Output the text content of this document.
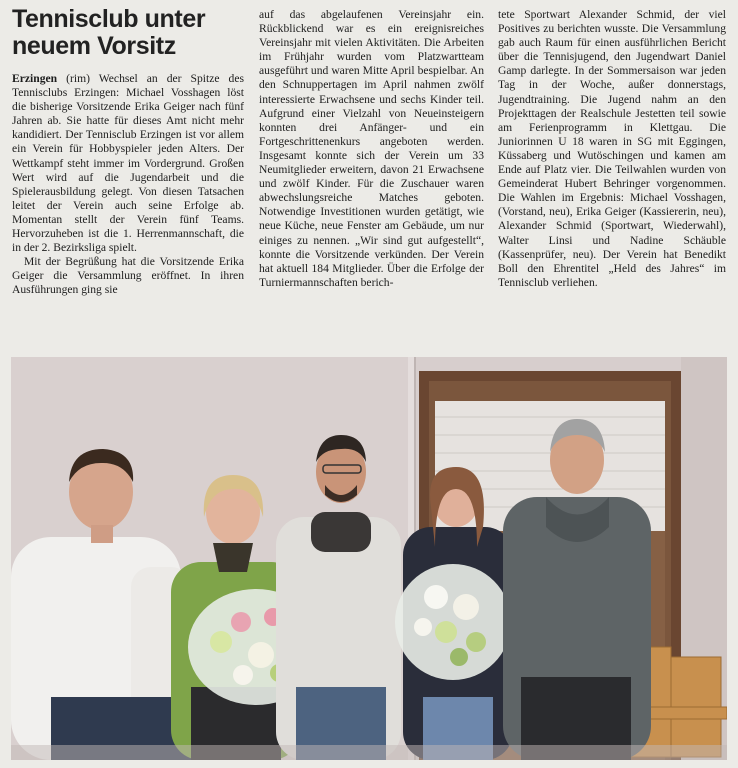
Tennisclub unter neuem Vorsitz

Erzingen (rim) Wechsel an der Spitze des Tennisclubs Erzingen: Michael Vosshagen löst die bisherige Vorsitzende Erika Geiger nach fünf Jahren ab. Sie hatte für dieses Amt nicht mehr kandidiert. Der Tennisclub Erzingen ist vor allem ein Verein für Hobbyspieler jeden Alters. Der Wettkampf steht immer im Vordergrund. Großen Wert wird auf die Jugendarbeit und die Spielerausbildung gelegt. Von diesen Tatsachen leitet der Verein auch seine Erfolge ab. Momentan stellt der Verein fünf Teams. Hervorzuheben ist die 1. Herrenmannschaft, die in der 2. Bezirksliga spielt.

Mit der Begrüßung hat die Vorsitzende Erika Geiger die Versammlung eröffnet. In ihren Ausführungen ging sie

auf das abgelaufenen Vereinsjahr ein. Rückblickend war es ein ereignisreiches Vereinsjahr mit vielen Aktivitäten. Die Arbeiten im Frühjahr wurden vom Platzwartteam ausgeführt und waren Mitte April bespielbar. An den Schnuppertagen im April nahmen zwölf interessierte Erwachsene und sechs Kinder teil. Aufgrund einer Vielzahl von Neueinsteigern konnten drei Anfänger- und ein Fortgeschrittenenkurs angeboten werden. Insgesamt konnte sich der Verein um 33 Neumitglieder erweitern, davon 21 Erwachsene und zwölf Kinder. Für die Zuschauer waren abwechslungsreiche Matches geboten. Notwendige Investitionen wurden getätigt, wie neue Küche, neue Fenster am Gebäude, um nur einiges zu nennen. „Wir sind gut aufgestellt“, konnte die Vorsitzende verkünden. Der Verein hat aktuell 184 Mitglieder. Über die Erfolge der Turniermannschaften berich-

tete Sportwart Alexander Schmid, der viel Positives zu berichten wusste. Die Versammlung gab auch Raum für einen ausführlichen Bericht über die Tennisjugend, den Jugendwart Daniel Gamp darlegte. In der Sommersaison war jeden Tag in der Woche, außer donnerstags, Jugendtraining. Die Jugend nahm an den Projekttagen der Realschule Jestetten teil sowie am Ferienprogramm in Klettgau. Die Juniorinnen U 18 waren in SG mit Eggingen, Küssaberg und Wutöschingen und kamen am Ende auf Platz vier. Die Teilwahlen wurden von Gemeinderat Hubert Behringer vorgenommen. Die Wahlen im Ergebnis: Michael Vosshagen, (Vorstand, neu), Erika Geiger (Kassiererin, neu), Alexander Schmid (Sportwart, Wiederwahl), Walter Linsi und Nadine Schäuble (Kassenprüfer, neu). Der Verein hat Benedikt Boll den Ehrentitel „Held des Jahres“ im Tennisclub verliehen.
